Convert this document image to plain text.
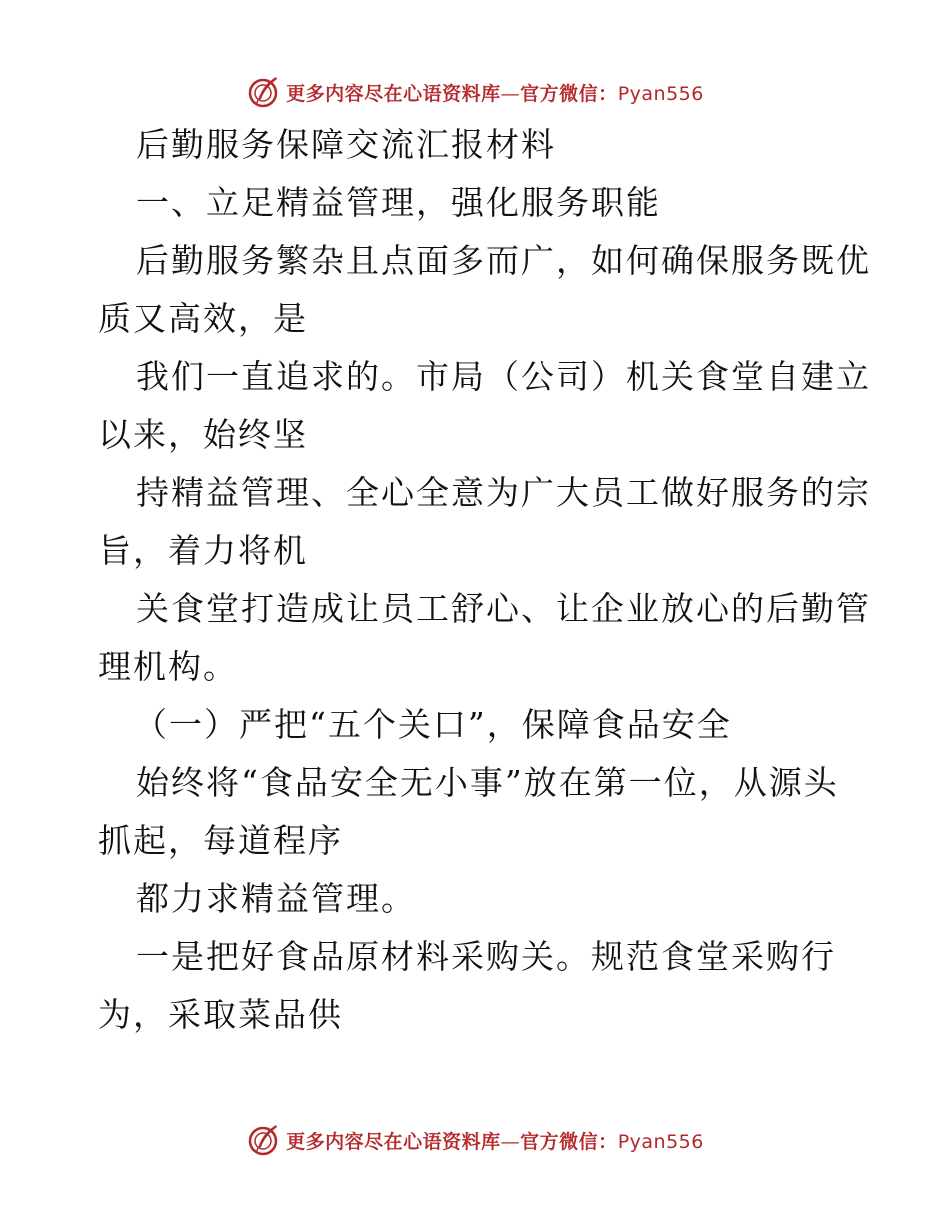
更多内容尽在心语资料库—官方微信：Pyan556
后勤服务保障交流汇报材料
一、立足精益管理，强化服务职能
后勤服务繁杂且点面多而广，如何确保服务既优
质又高效，是
我们一直追求的。市局（公司）机关食堂自建立
以来，始终坚
持精益管理、全心全意为广大员工做好服务的宗
旨，着力将机
关食堂打造成让员工舒心、让企业放心的后勤管
理机构。
（一）严把“五个关口”，保障食品安全
始终将“食品安全无小事”放在第一位，从源头
抓起，每道程序
都力求精益管理。
一是把好食品原材料采购关。规范食堂采购行
为，采取菜品供
更多内容尽在心语资料库—官方微信：Pyan556
